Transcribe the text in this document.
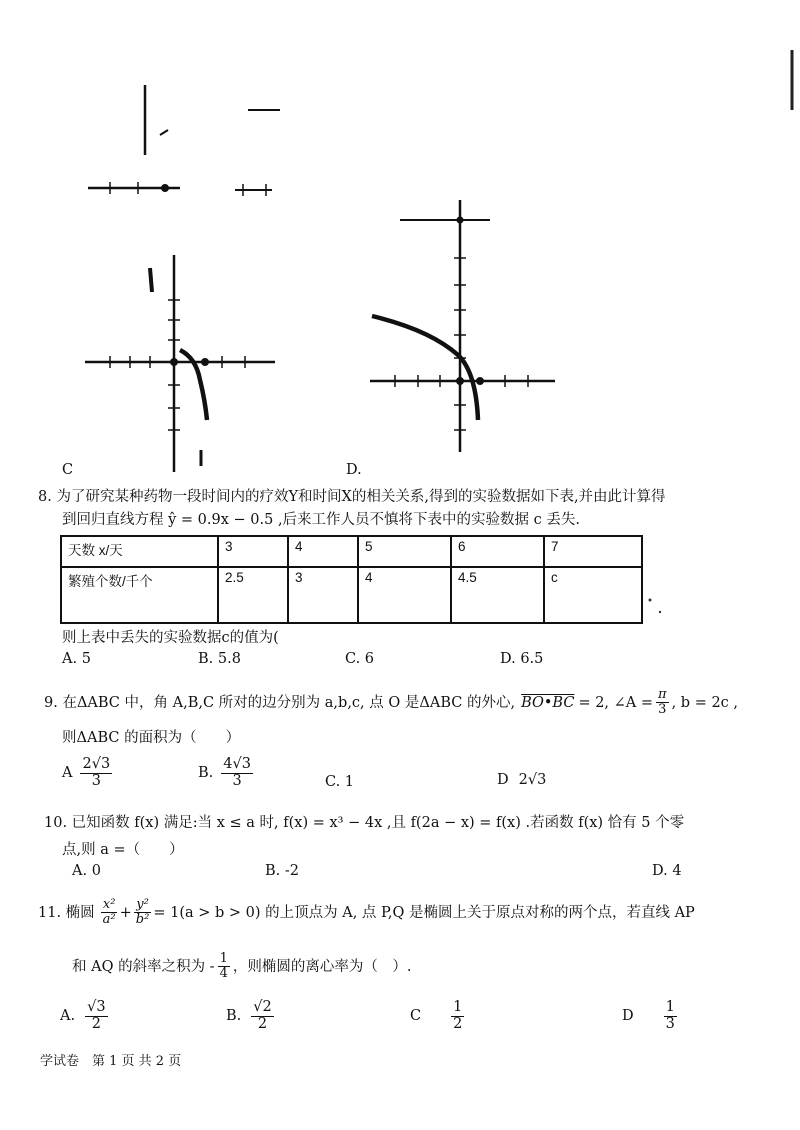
C	D.
8. 为了研究某种药物一段时间内的疗效Y和时间X的相关关系,得到的实验数据如下表,并由此计算得
到回归直线方程 ŷ = 0.9x − 0.5 ,后来工作人员不慎将下表中的实验数据 c 丢失.
天数 x/天	3	4	5	6	7
繁殖个数/千个	2.5	3	4	4.5	c
则上表中丢失的实验数据c的值为(
A. 5	B. 5.8	C. 6	D. 6.5
9. 在ΔABC 中，角 A,B,C 所对的边分别为 a,b,c, 点 O 是ΔABC 的外心, BO•BC = 2, ∠A = $\frac{\pi}{3}$ , b = 2c ,
则ΔABC 的面积为（　　）
A $\frac{2√3}{3}$	B. $\frac{4√3}{3}$	C. 1	D 2√3
10. 已知函数 f(x) 满足:当 x ≤ a 时, f(x) = x³ − 4x ,且 f(2a − x) = f(x) .若函数 f(x) 恰有 5 个零
点,则 a =（　　）
A. 0	B. -2	D. 4
11. 椭圆 $\frac{\text{x²}}{\text{a²}} + \frac{\text{y²}}{\text{b²}} = 1(a > b > 0)$ 的上顶点为 A, 点 P,Q 是椭圆上关于原点对称的两个点，若直线 AP
和 AQ 的斜率之积为 - $\frac{1}{4}$ ，则椭圆的离心率为（　）.
A. $\frac{√3}{2}$	B. $\frac{√2}{2}$	C $\frac{1}{2}$	D $\frac{1}{3}$
学试卷　第 1 页 共 2 页
